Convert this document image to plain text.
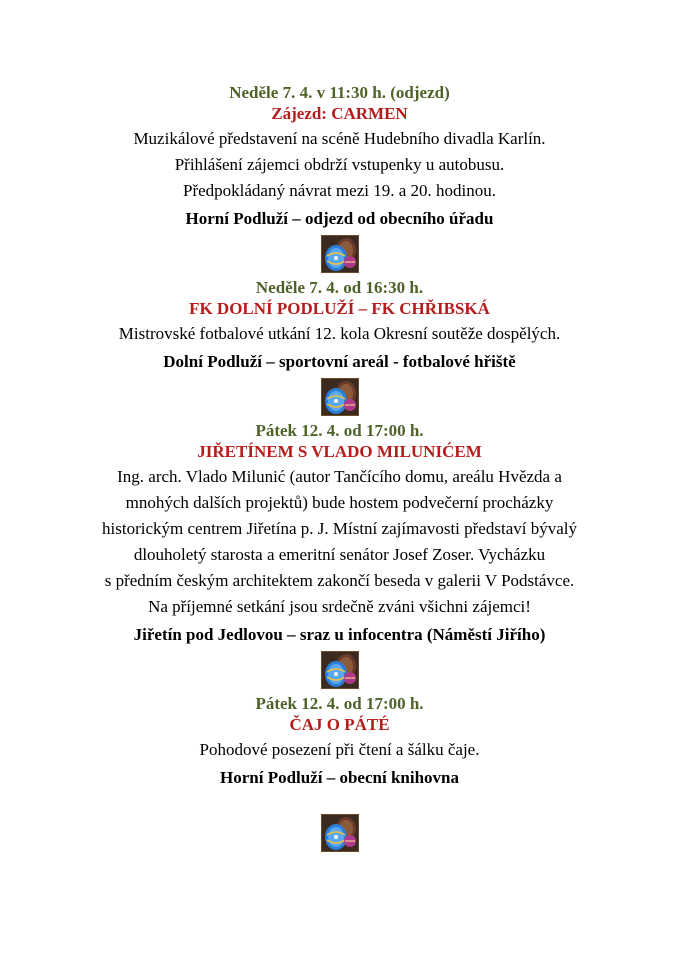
Neděle 7. 4. v 11:30 h. (odjezd)
Zájezd: CARMEN
Muzikálové představení na scéně Hudebního divadla Karlín.
Přihlášení zájemci obdrží vstupenky u autobusu.
Předpokládaný návrat mezi 19. a 20. hodinou.
Horní Podluží – odjezd od obecního úřadu
Neděle 7. 4. od 16:30 h.
FK DOLNÍ PODLUŽÍ – FK CHŘIBSKÁ
Mistrovské fotbalové utkání 12. kola Okresní soutěže dospělých.
Dolní Podluží – sportovní areál - fotbalové hřiště
Pátek 12. 4. od 17:00 h.
JIŘETÍNEM S VLADO MILUNIĆEM
Ing. arch. Vlado Milunić (autor Tančícího domu, areálu Hvězda a
mnohých dalších projektů) bude hostem podvečerní procházky
historickým centrem Jiřetína p. J. Místní zajímavosti představí bývalý
dlouholetý starosta a emeritní senátor Josef Zoser. Vycházku
s předním českým architektem zakončí beseda v galerii V Podstávce.
Na příjemné setkání jsou srdečně zváni všichni zájemci!
Jiřetín pod Jedlovou – sraz u infocentra (Náměstí Jiřího)
Pátek 12. 4. od 17:00 h.
ČAJ O PÁTÉ
Pohodové posezení při čtení a šálku čaje.
Horní Podluží – obecní knihovna
